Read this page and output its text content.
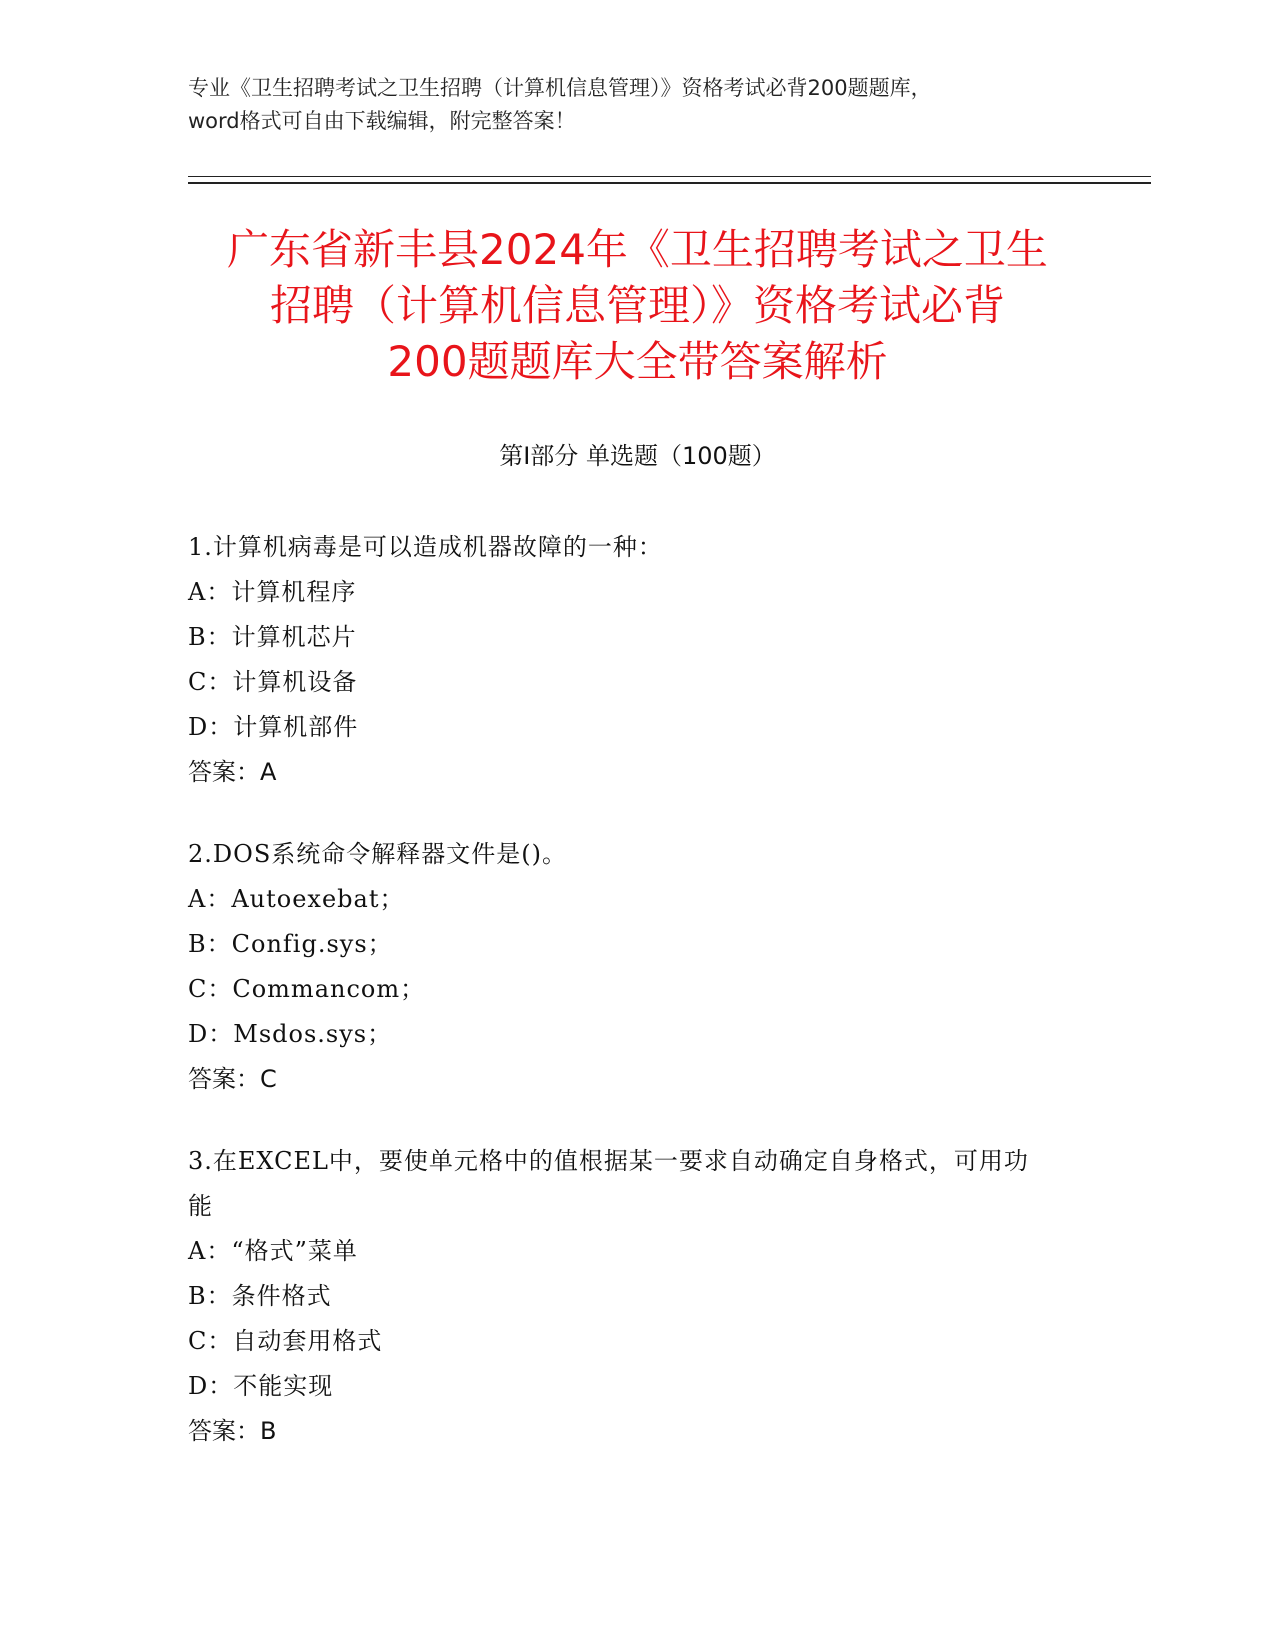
专业《卫生招聘考试之卫生招聘（计算机信息管理）》资格考试必背200题题库，
word格式可自由下载编辑，附完整答案！
广东省新丰县2024年《卫生招聘考试之卫生
招聘（计算机信息管理）》资格考试必背
200题题库大全带答案解析
第Ⅰ部分 单选题（100题）
1.计算机病毒是可以造成机器故障的一种：
A：计算机程序
B：计算机芯片
C：计算机设备
D：计算机部件
答案：A
2.DOS系统命令解释器文件是()。
A：Autoexebat；
B：Config.sys；
C：Commancom；
D：Msdos.sys；
答案：C
3.在EXCEL中，要使单元格中的值根据某一要求自动确定自身格式，可用功能
A：“格式”菜单
B：条件格式
C：自动套用格式
D：不能实现
答案：B
